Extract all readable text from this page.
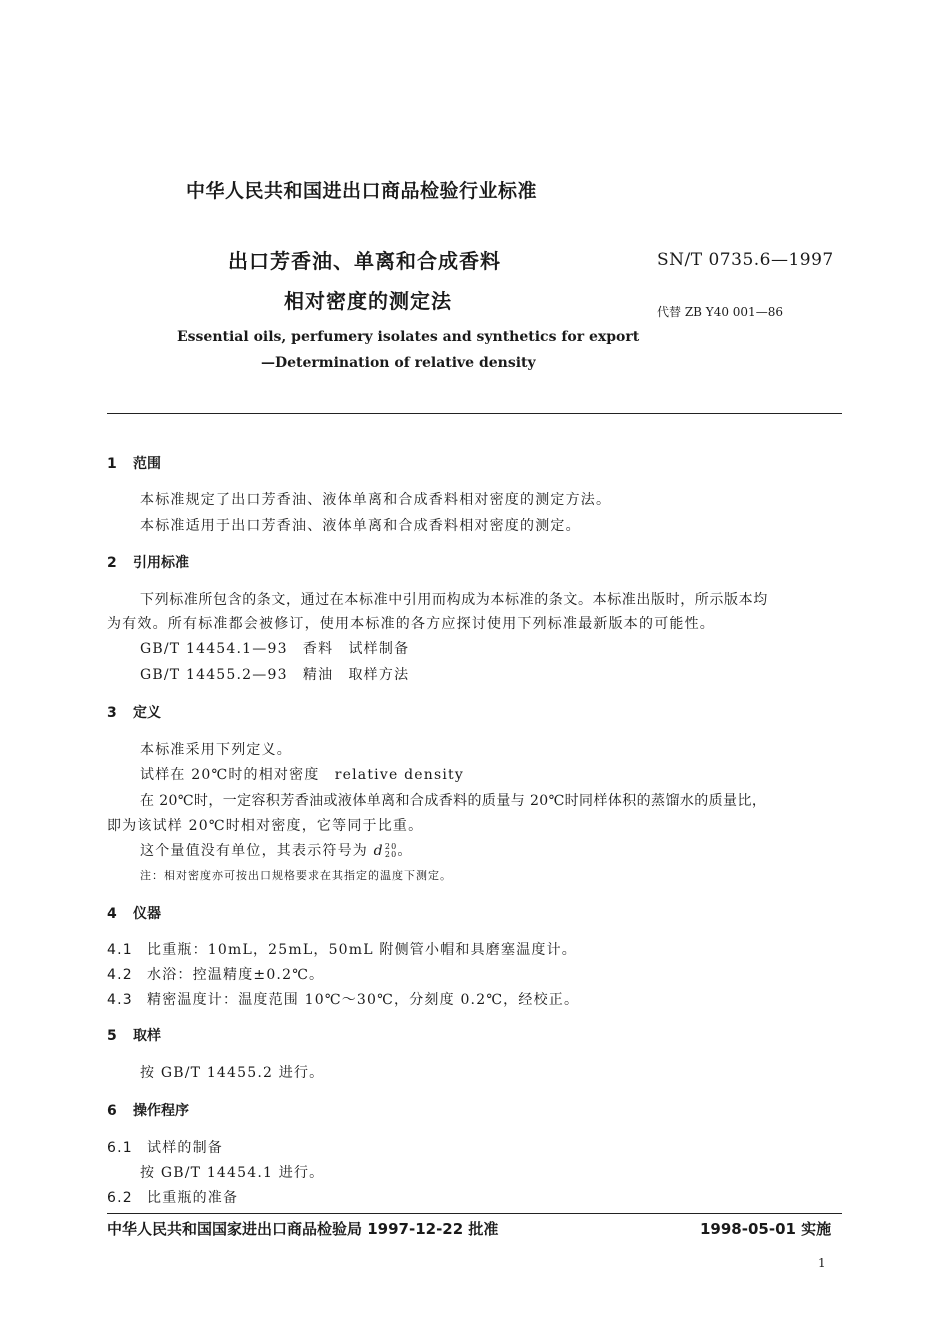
中华人民共和国进出口商品检验行业标准
出口芳香油、单离和合成香料
相对密度的测定法
SN/T 0735.6—1997
代替 ZB Y40 001—86
Essential oils, perfumery isolates and synthetics for export
—Determination of relative density
1 范围
本标准规定了出口芳香油、液体单离和合成香料相对密度的测定方法。
本标准适用于出口芳香油、液体单离和合成香料相对密度的测定。
2 引用标准
下列标准所包含的条文，通过在本标准中引用而构成为本标准的条文。本标准出版时，所示版本均
为有效。所有标准都会被修订，使用本标准的各方应探讨使用下列标准最新版本的可能性。
GB/T 14454.1—93　香料　试样制备
GB/T 14455.2—93　精油　取样方法
3 定义
本标准采用下列定义。
试样在 20℃时的相对密度　relative density
在 20℃时，一定容积芳香油或液体单离和合成香料的质量与 20℃时同样体积的蒸馏水的质量比，
即为该试样 20℃时相对密度，它等同于比重。
这个量值没有单位，其表示符号为 d20
20。
注：相对密度亦可按出口规格要求在其指定的温度下测定。
4 仪器
4.1 比重瓶：10mL，25mL，50mL 附侧管小帽和具磨塞温度计。
4.2 水浴：控温精度±0.2℃。
4.3 精密温度计：温度范围 10℃～30℃，分刻度 0.2℃，经校正。
5 取样
按 GB/T 14455.2 进行。
6 操作程序
6.1 试样的制备
按 GB/T 14454.1 进行。
6.2 比重瓶的准备
中华人民共和国国家进出口商品检验局 1997-12-22 批准	1998-05-01 实施
1
